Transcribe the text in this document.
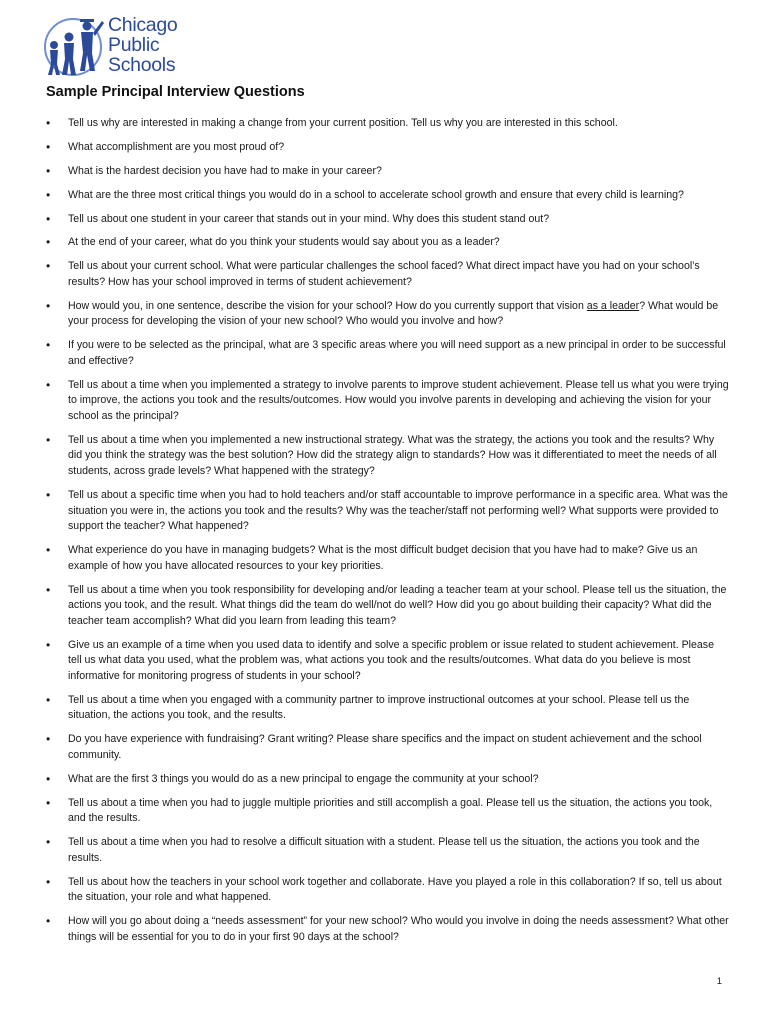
Chicago
Public
Schools
Sample Principal Interview Questions
• Tell us why are interested in making a change from your current position. Tell us why you are interested in this school.
• What accomplishment are you most proud of?
• What is the hardest decision you have had to make in your career?
• What are the three most critical things you would do in a school to accelerate school growth and ensure that every child is learning?
• Tell us about one student in your career that stands out in your mind. Why does this student stand out?
• At the end of your career, what do you think your students would say about you as a leader?
• Tell us about your current school. What were particular challenges the school faced? What direct impact have you had on your school’s results? How has your school improved in terms of student achievement?
• How would you, in one sentence, describe the vision for your school? How do you currently support that vision as a leader? What would be your process for developing the vision of your new school? Who would you involve and how?
• If you were to be selected as the principal, what are 3 specific areas where you will need support as a new principal in order to be successful and effective?
• Tell us about a time when you implemented a strategy to involve parents to improve student achievement. Please tell us what you were trying to improve, the actions you took and the results/outcomes. How would you involve parents in developing and achieving the vision for your school as the principal?
• Tell us about a time when you implemented a new instructional strategy. What was the strategy, the actions you took and the results? Why did you think the strategy was the best solution? How did the strategy align to standards? How was it differentiated to meet the needs of all students, across grade levels? What happened with the strategy?
• Tell us about a specific time when you had to hold teachers and/or staff accountable to improve performance in a specific area. What was the situation you were in, the actions you took and the results? Why was the teacher/staff not performing well? What supports were provided to support the teacher? What happened?
• What experience do you have in managing budgets? What is the most difficult budget decision that you have had to make? Give us an example of how you have allocated resources to your key priorities.
• Tell us about a time when you took responsibility for developing and/or leading a teacher team at your school. Please tell us the situation, the actions you took, and the result. What things did the team do well/not do well? How did you go about building their capacity? What did the teacher team accomplish? What did you learn from leading this team?
• Give us an example of a time when you used data to identify and solve a specific problem or issue related to student achievement. Please tell us what data you used, what the problem was, what actions you took and the results/outcomes. What data do you believe is most informative for monitoring progress of students in your school?
• Tell us about a time when you engaged with a community partner to improve instructional outcomes at your school. Please tell us the situation, the actions you took, and the results.
• Do you have experience with fundraising? Grant writing? Please share specifics and the impact on student achievement and the school community.
• What are the first 3 things you would do as a new principal to engage the community at your school?
• Tell us about a time when you had to juggle multiple priorities and still accomplish a goal. Please tell us the situation, the actions you took, and the results.
• Tell us about a time when you had to resolve a difficult situation with a student. Please tell us the situation, the actions you took and the results.
• Tell us about how the teachers in your school work together and collaborate. Have you played a role in this collaboration? If so, tell us about the situation, your role and what happened.
• How will you go about doing a “needs assessment” for your new school? Who would you involve in doing the needs assessment? What other things will be essential for you to do in your first 90 days at the school?
1
